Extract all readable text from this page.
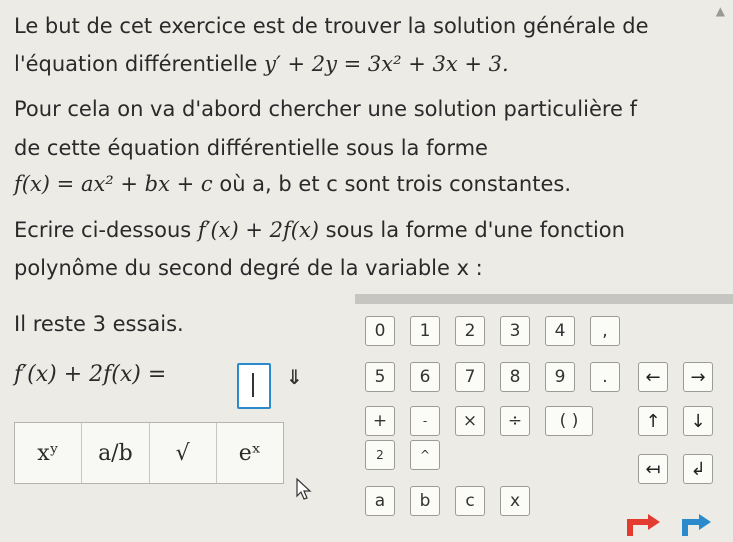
Le but de cet exercice est de trouver la solution générale de
l'équation différentielle y′ + 2y = 3x² + 3x + 3.
Pour cela on va d'abord chercher une solution particulière f
de cette équation différentielle sous la forme
f(x) = ax² + bx + c où a, b et c sont trois constantes.
Ecrire ci-dessous f′(x) + 2f(x) sous la forme d'une fonction
polynôme du second degré de la variable x :
Il reste 3 essais.
f′(x) + 2f(x) =	⇓
xʸ	a/b	√	eˣ
0	1	2	3	4	,
5	6	7	8	9	.	←	→
+	-	×	÷	( )	↑	↓
2	^
↤	↲
a	b	c	x
▲
